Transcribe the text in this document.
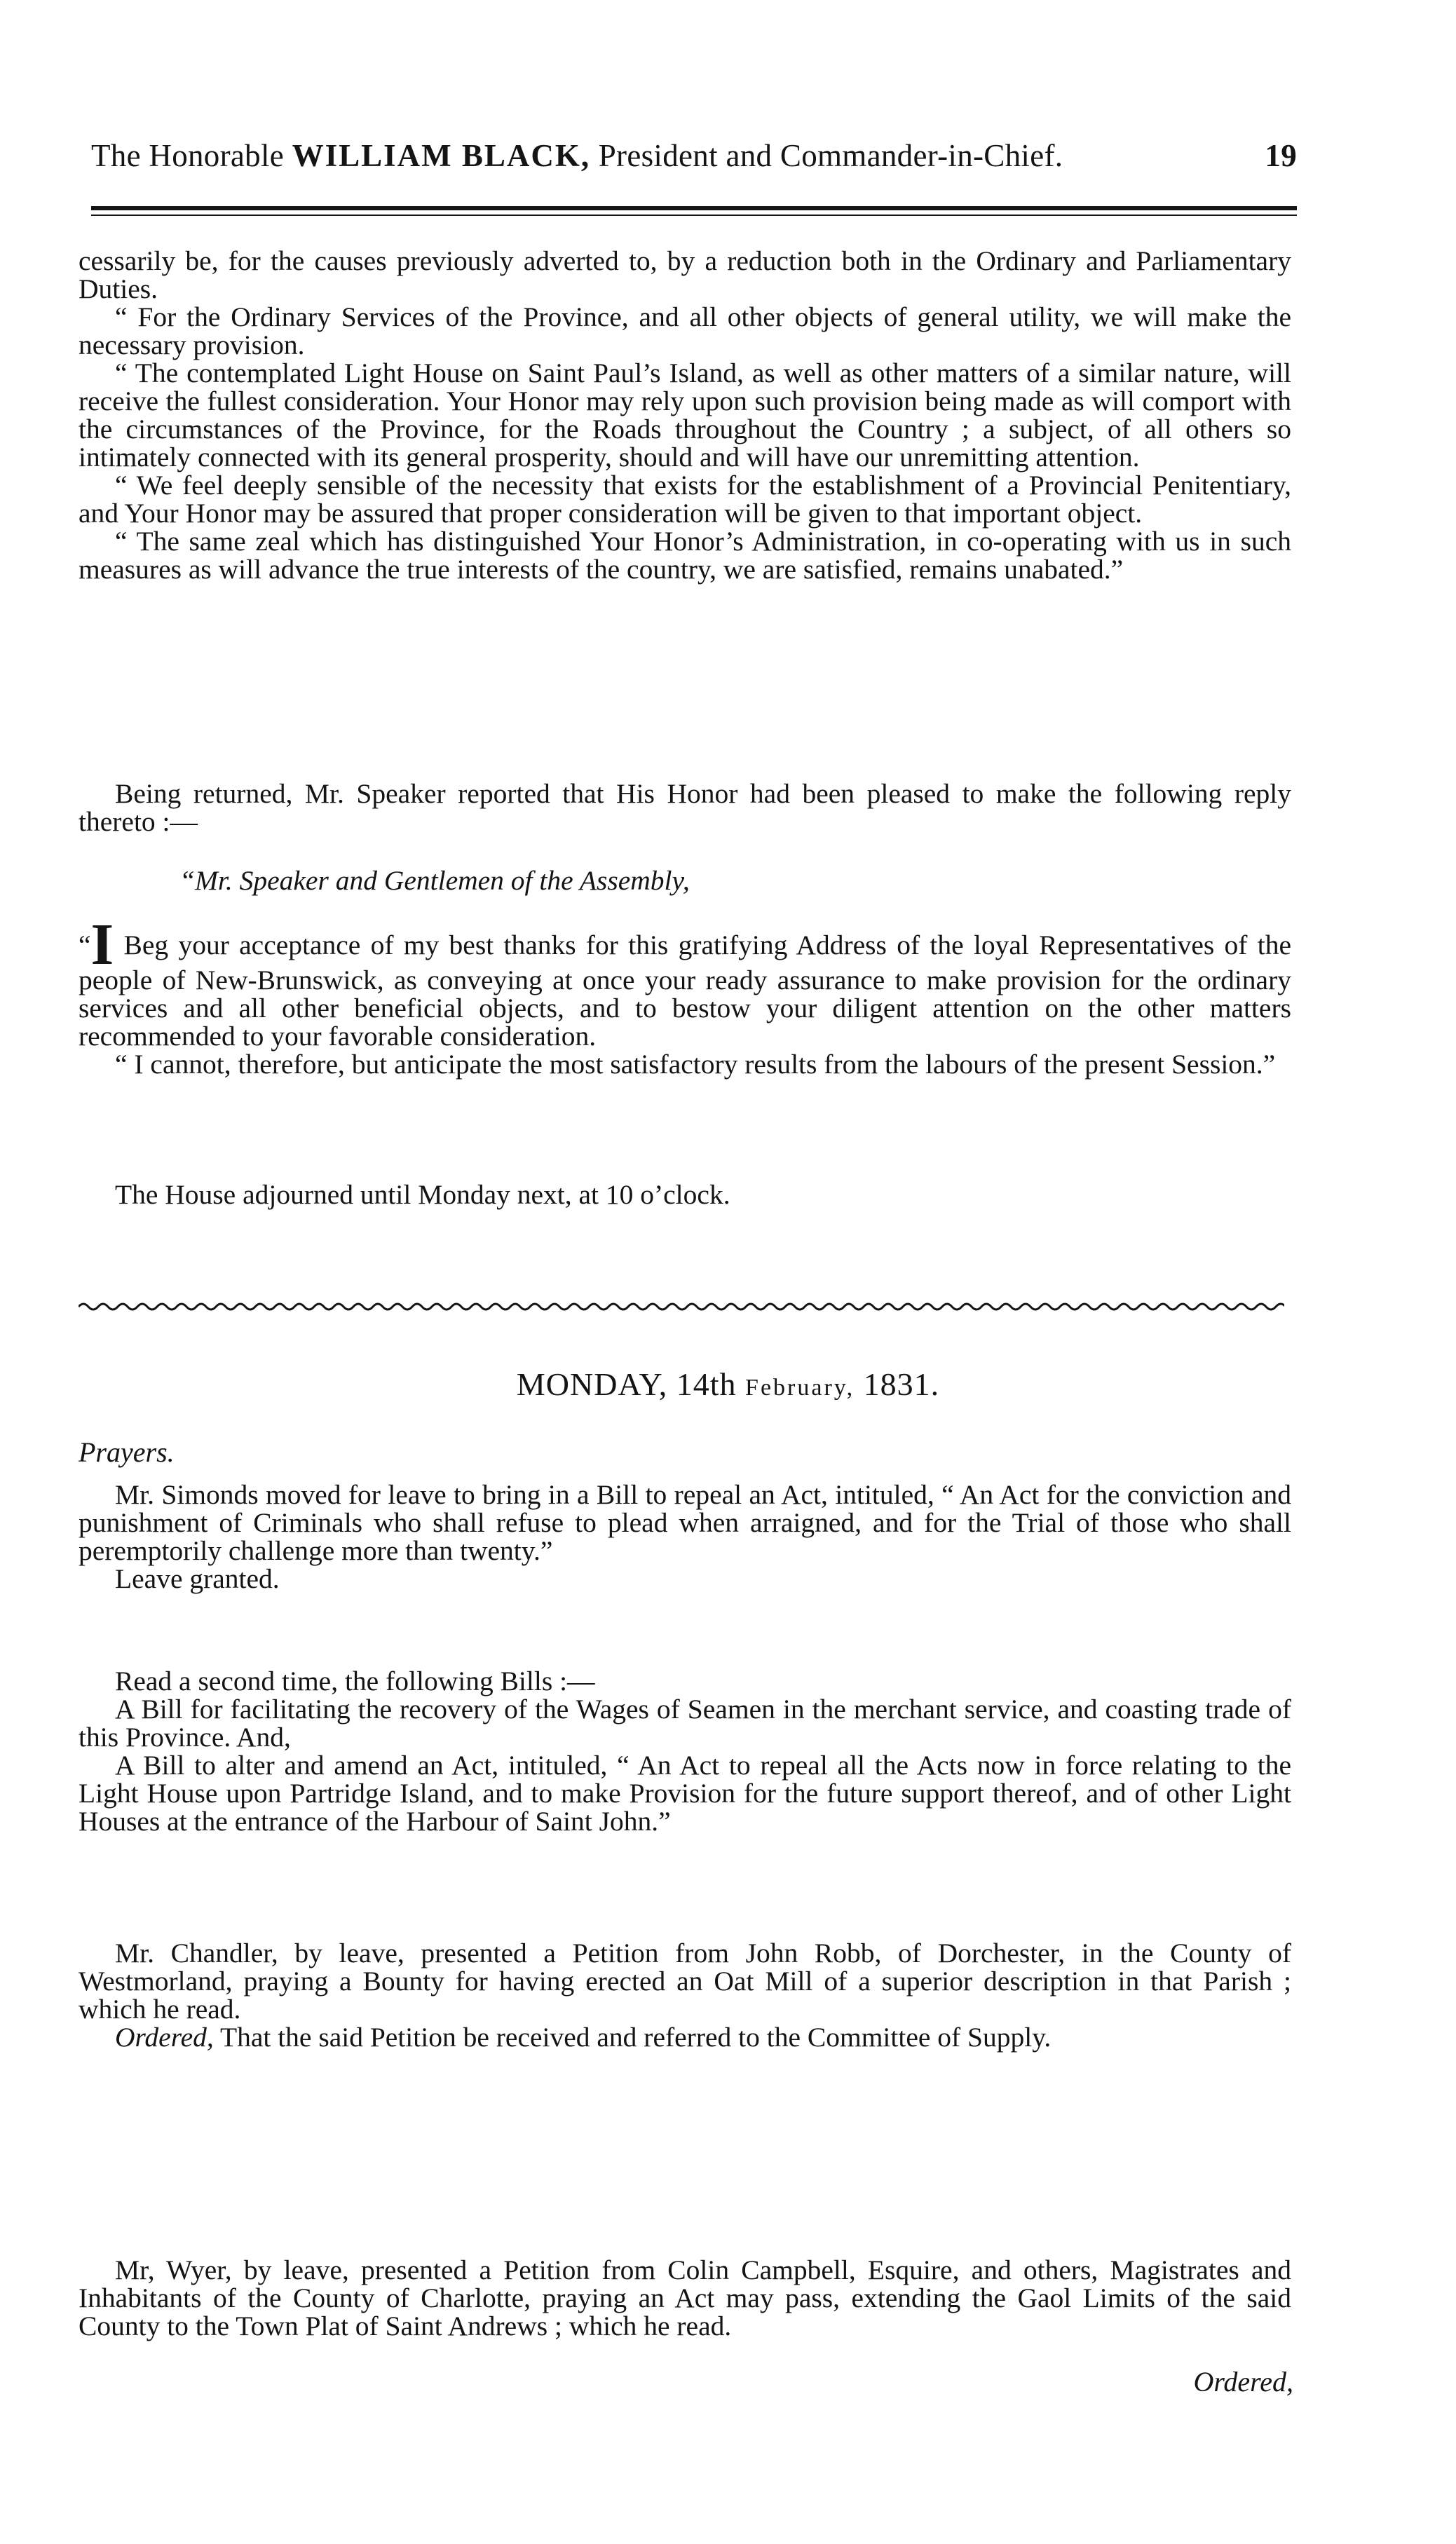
The Honorable WILLIAM BLACK, President and Commander-in-Chief.	19

cessarily be, for the causes previously adverted to, by a reduction both in the Ordinary and Parliamentary Duties.

“ For the Ordinary Services of the Province, and all other objects of general utility, we will make the necessary provision.

“ The contemplated Light House on Saint Paul’s Island, as well as other matters of a similar nature, will receive the fullest consideration. Your Honor may rely upon such provision being made as will comport with the circumstances of the Province, for the Roads throughout the Country ; a subject, of all others so intimately connected with its general prosperity, should and will have our unremitting attention.

“ We feel deeply sensible of the necessity that exists for the establishment of a Provincial Penitentiary, and Your Honor may be assured that proper consideration will be given to that important object.

“ The same zeal which has distinguished Your Honor’s Administration, in co-operating with us in such measures as will advance the true interests of the country, we are satisfied, remains unabated.”

Being returned, Mr. Speaker reported that His Honor had been pleased to make the following reply thereto :—

“Mr. Speaker and Gentlemen of the Assembly,

“I Beg your acceptance of my best thanks for this gratifying Address of the loyal Representatives of the people of New-Brunswick, as conveying at once your ready assurance to make provision for the ordinary services and all other beneficial objects, and to bestow your diligent attention on the other matters recommended to your favorable consideration.

“ I cannot, therefore, but anticipate the most satisfactory results from the labours of the present Session.”

The House adjourned until Monday next, at 10 o’clock.

MONDAY, 14th February, 1831.
Prayers.

Mr. Simonds moved for leave to bring in a Bill to repeal an Act, intituled, “ An Act for the conviction and punishment of Criminals who shall refuse to plead when arraigned, and for the Trial of those who shall peremptorily challenge more than twenty.”

Leave granted.

Read a second time, the following Bills :—

A Bill for facilitating the recovery of the Wages of Seamen in the merchant service, and coasting trade of this Province. And,

A Bill to alter and amend an Act, intituled, “ An Act to repeal all the Acts now in force relating to the Light House upon Partridge Island, and to make Provision for the future support thereof, and of other Light Houses at the entrance of the Harbour of Saint John.”

Mr. Chandler, by leave, presented a Petition from John Robb, of Dorchester, in the County of Westmorland, praying a Bounty for having erected an Oat Mill of a superior description in that Parish ; which he read.

Ordered, That the said Petition be received and referred to the Committee of Supply.

Mr, Wyer, by leave, presented a Petition from Colin Campbell, Esquire, and others, Magistrates and Inhabitants of the County of Charlotte, praying an Act may pass, extending the Gaol Limits of the said County to the Town Plat of Saint Andrews ; which he read.

Ordered,
